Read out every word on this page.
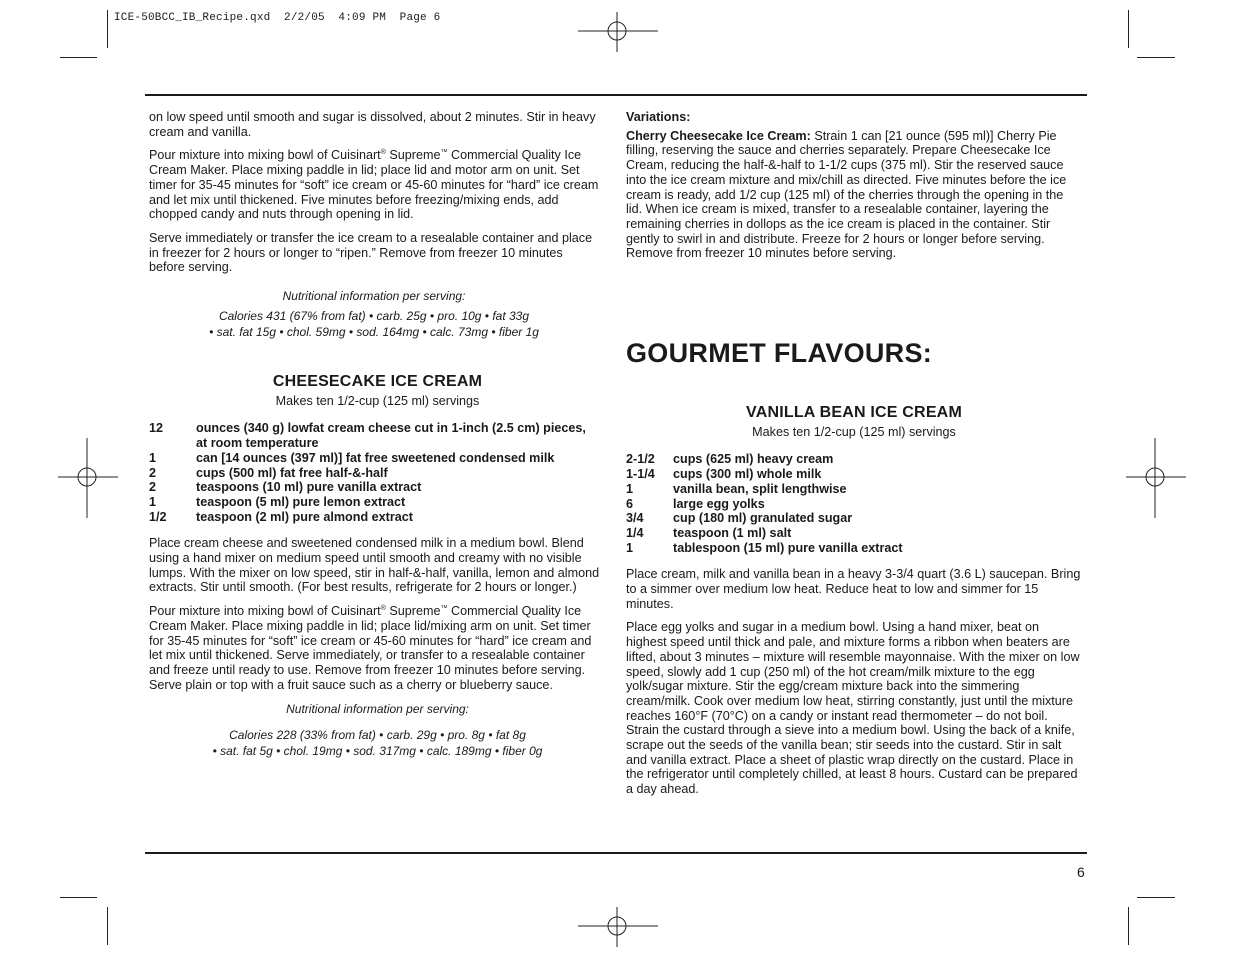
ICE-50BCC_IB_Recipe.qxd  2/2/05  4:09 PM  Page 6

on low speed until smooth and sugar is dissolved, about 2 minutes. Stir in heavy cream and vanilla.

Pour mixture into mixing bowl of Cuisinart® Supreme™ Commercial Quality Ice Cream Maker. Place mixing paddle in lid; place lid and motor arm on unit. Set timer for 35-45 minutes for “soft” ice cream or 45-60 minutes for “hard” ice cream and let mix until thickened. Five minutes before freezing/mixing ends, add chopped candy and nuts through opening in lid.

Serve immediately or transfer the ice cream to a resealable container and place in freezer for 2 hours or longer to “ripen.” Remove from freezer 10 minutes before serving.

Nutritional information per serving:
Calories 431 (67% from fat) • carb. 25g • pro. 10g • fat 33g
• sat. fat 15g • chol. 59mg • sod. 164mg • calc. 73mg • fiber 1g
CHEESECAKE ICE CREAM
Makes ten 1/2-cup (125 ml) servings
12	ounces (340 g) lowfat cream cheese cut in 1-inch (2.5 cm) pieces, at room temperature
1	can [14 ounces (397 ml)] fat free sweetened condensed milk
2	cups (500 ml) fat free half-&-half
2	teaspoons (10 ml) pure vanilla extract
1	teaspoon (5 ml) pure lemon extract
1/2	teaspoon (2 ml) pure almond extract

Place cream cheese and sweetened condensed milk in a medium bowl. Blend using a hand mixer on medium speed until smooth and creamy with no visible lumps. With the mixer on low speed, stir in half-&-half, vanilla, lemon and almond extracts. Stir until smooth. (For best results, refrigerate for 2 hours or longer.)

Pour mixture into mixing bowl of Cuisinart® Supreme™ Commercial Quality Ice Cream Maker. Place mixing paddle in lid; place lid/mixing arm on unit. Set timer for 35-45 minutes for “soft” ice cream or 45-60 minutes for “hard” ice cream and let mix until thickened. Serve immediately, or transfer to a resealable container and freeze until ready to use. Remove from freezer 10 minutes before serving. Serve plain or top with a fruit sauce such as a cherry or blueberry sauce.

Nutritional information per serving:
Calories 228 (33% from fat) • carb. 29g • pro. 8g • fat 8g
• sat. fat 5g • chol. 19mg • sod. 317mg • calc. 189mg • fiber 0g
Variations:

Cherry Cheesecake Ice Cream: Strain 1 can [21 ounce (595 ml)] Cherry Pie filling, reserving the sauce and cherries separately. Prepare Cheesecake Ice Cream, reducing the half-&-half to 1-1/2 cups (375 ml). Stir the reserved sauce into the ice cream mixture and mix/chill as directed. Five minutes before the ice cream is ready, add 1/2 cup (125 ml) of the cherries through the opening in the lid. When ice cream is mixed, transfer to a resealable container, layering the remaining cherries in dollops as the ice cream is placed in the container. Stir gently to swirl in and distribute. Freeze for 2 hours or longer before serving. Remove from freezer 10 minutes before serving.

GOURMET FLAVOURS:
VANILLA BEAN ICE CREAM
Makes ten 1/2-cup (125 ml) servings
2-1/2	cups (625 ml) heavy cream
1-1/4	cups (300 ml) whole milk
1	vanilla bean, split lengthwise
6	large egg yolks
3/4	cup (180 ml) granulated sugar
1/4	teaspoon (1 ml) salt
1	tablespoon (15 ml) pure vanilla extract

Place cream, milk and vanilla bean in a heavy 3-3/4 quart (3.6 L) saucepan. Bring to a simmer over medium low heat. Reduce heat to low and simmer for 15 minutes.

Place egg yolks and sugar in a medium bowl. Using a hand mixer, beat on highest speed until thick and pale, and mixture forms a ribbon when beaters are lifted, about 3 minutes – mixture will resemble mayonnaise. With the mixer on low speed, slowly add 1 cup (250 ml) of the hot cream/milk mixture to the egg yolk/sugar mixture. Stir the egg/cream mixture back into the simmering cream/milk. Cook over medium low heat, stirring constantly, just until the mixture reaches 160°F (70°C) on a candy or instant read thermometer – do not boil. Strain the custard through a sieve into a medium bowl. Using the back of a knife, scrape out the seeds of the vanilla bean; stir seeds into the custard. Stir in salt and vanilla extract. Place a sheet of plastic wrap directly on the custard. Place in the refrigerator until completely chilled, at least 8 hours. Custard can be prepared a day ahead.

6
